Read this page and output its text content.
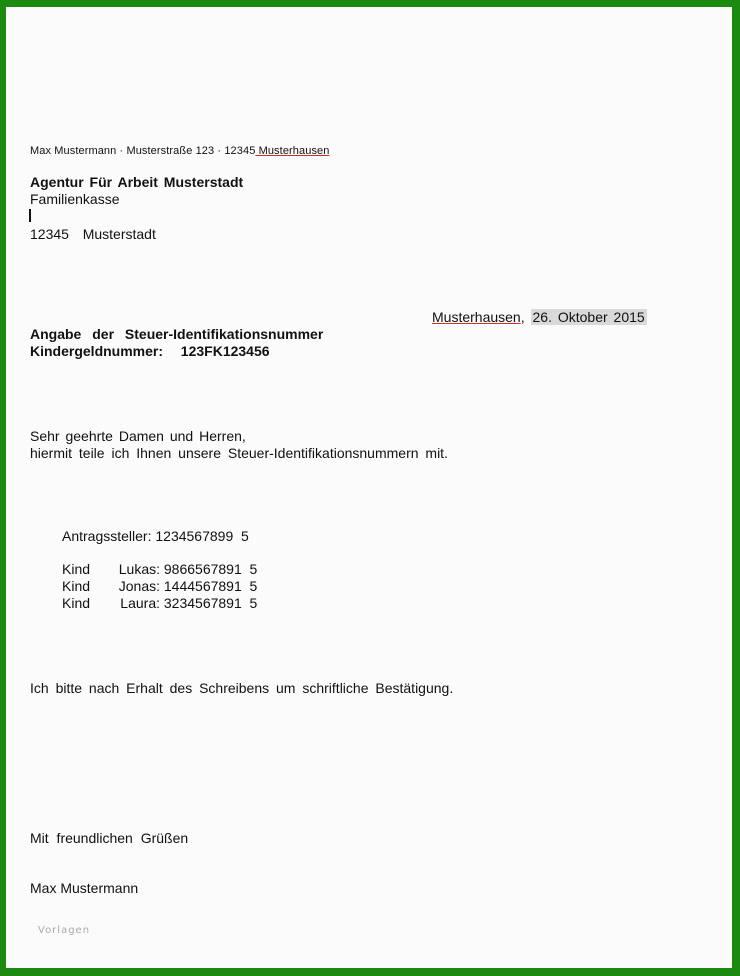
Max Mustermann · Musterstraße 123 · 12345 Musterhausen
Agentur Für Arbeit Musterstadt
Familienkasse
12345  Musterstadt
Musterhausen, 26. Oktober 2015
Angabe der Steuer-Identifikationsnummer
Kindergeldnummer:  123FK123456
Sehr geehrte Damen und Herren,
hiermit teile ich Ihnen unsere Steuer-Identifikationsnummern mit.

Antragssteller: 1234567899 5

Kind Lukas: 9866567891 5

Kind Jonas: 1444567891 5

Kind Laura: 3234567891 5

Ich bitte nach Erhalt des Schreibens um schriftliche Bestätigung.
Mit freundlichen Grüßen
Max Mustermann
Vorlagen
